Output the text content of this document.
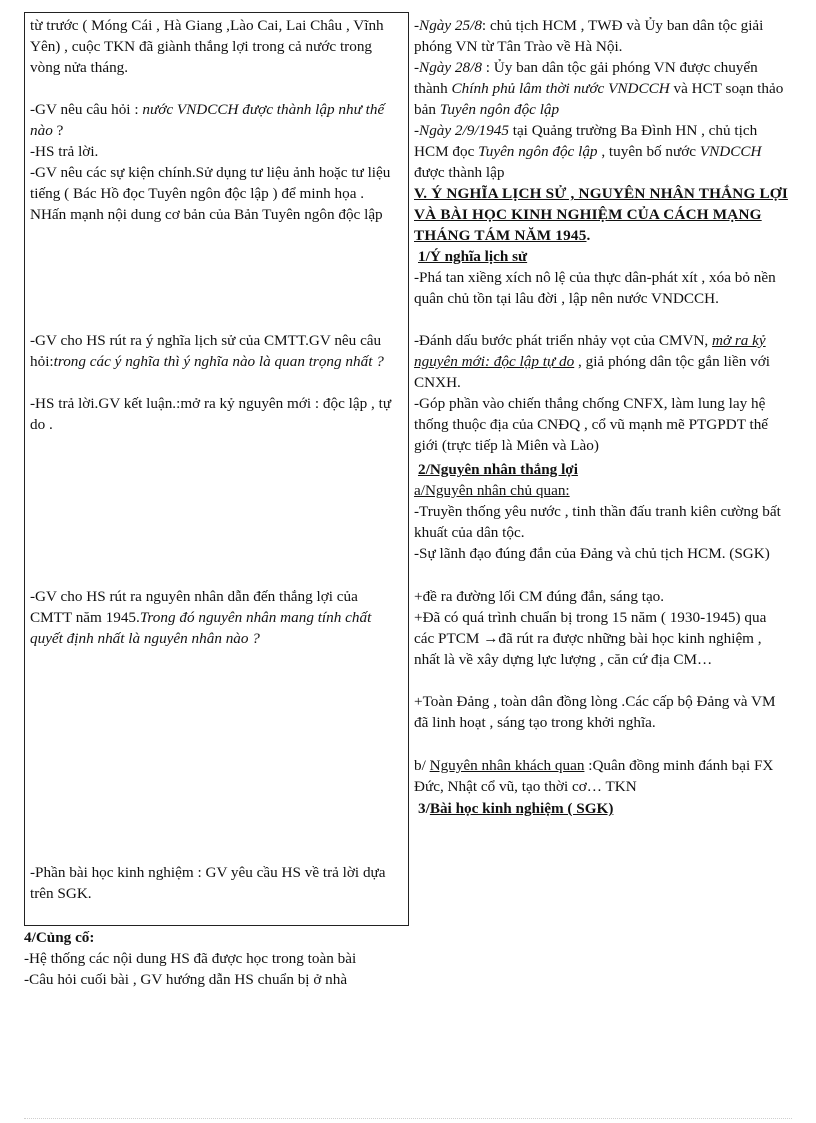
từ trước ( Móng Cái , Hà Giang ,Lào Cai, Lai Châu , Vĩnh Yên) , cuộc TKN đã giành thắng lợi trong cả nước trong vòng nửa tháng.

-GV nêu câu hỏi : nước VNDCCH được thành lập như thế nào ?

-HS trả lời.

-GV nêu các sự kiện chính.Sử dụng tư liệu ảnh hoặc tư liệu tiếng ( Bác Hồ đọc Tuyên ngôn độc lập ) để minh họa . NHấn mạnh nội dung cơ bản của Bản Tuyên ngôn độc lập

-GV cho HS rút ra ý nghĩa lịch sử của CMTT.GV nêu câu hỏi:trong các ý nghĩa thì ý nghĩa nào là quan trọng nhất ?

-HS trả lời.GV kết luận.:mở ra kỷ nguyên mới : độc lập , tự do .

-GV cho HS rút ra nguyên nhân dẫn đến thắng lợi của CMTT năm 1945.Trong đó nguyên nhân mang tính chất quyết định nhất là nguyên nhân nào ?

-Phần bài học kinh nghiệm : GV yêu cầu HS về trả lời dựa trên SGK.

-Ngày 25/8: chủ tịch HCM , TWĐ và Ủy ban dân tộc giải phóng VN từ Tân Trào về Hà Nội.

-Ngày 28/8 : Ủy ban dân tộc gải phóng VN được chuyển thành Chính phủ lâm thời nước VNDCCH và HCT soạn thảo bản Tuyên ngôn độc lập

-Ngày 2/9/1945 tại Quảng trường Ba Đình HN , chủ tịch HCM đọc Tuyên ngôn độc lập , tuyên bố nước VNDCCH được thành lập

V. Ý NGHĨA LỊCH SỬ , NGUYÊN NHÂN THẮNG LỢI VÀ BÀI HỌC KINH NGHIỆM CỦA CÁCH MẠNG THÁNG TÁM NĂM 1945.

1/Ý nghĩa lịch sử

-Phá tan xiềng xích nô lệ của thực dân-phát xít , xóa bỏ nền quân chủ tồn tại lâu đời , lập nên nước VNDCCH.

-Đánh dấu bước phát triển nhảy vọt của CMVN, mở ra kỷ nguyên mới: độc lập tự do , giả phóng dân tộc gắn liền với CNXH.

-Góp phần vào chiến thắng chống CNFX, làm lung lay hệ thống thuộc địa của CNĐQ , cổ vũ mạnh mẽ PTGPDT thế giới (trực tiếp là Miên và Lào)

2/Nguyên nhân thắng lợi

a/Nguyên nhân chủ quan:

-Truyền thống yêu nước , tinh thần đấu tranh kiên cường bất khuất của dân tộc.

-Sự lãnh đạo đúng đắn của Đảng và chủ tịch HCM. (SGK)

+đề ra đường lối CM đúng đắn, sáng tạo.

+Đã có quá trình chuẩn bị trong 15 năm ( 1930-1945) qua các PTCM →đã rút ra được những bài học kinh nghiệm , nhất là về xây dựng lực lượng , căn cứ địa CM…

+Toàn Đảng , toàn dân đồng lòng .Các cấp bộ Đảng và VM đã linh hoạt , sáng tạo trong khởi nghĩa.

b/ Nguyên nhân khách quan :Quân đồng minh đánh bại FX Đức, Nhật cổ vũ, tạo thời cơ… TKN

3/Bài học kinh nghiệm ( SGK)

4/Củng cố:

-Hệ thống các nội dung HS đã được học trong toàn bài

-Câu hỏi cuối bài , GV hướng dẫn HS chuẩn bị ở nhà
